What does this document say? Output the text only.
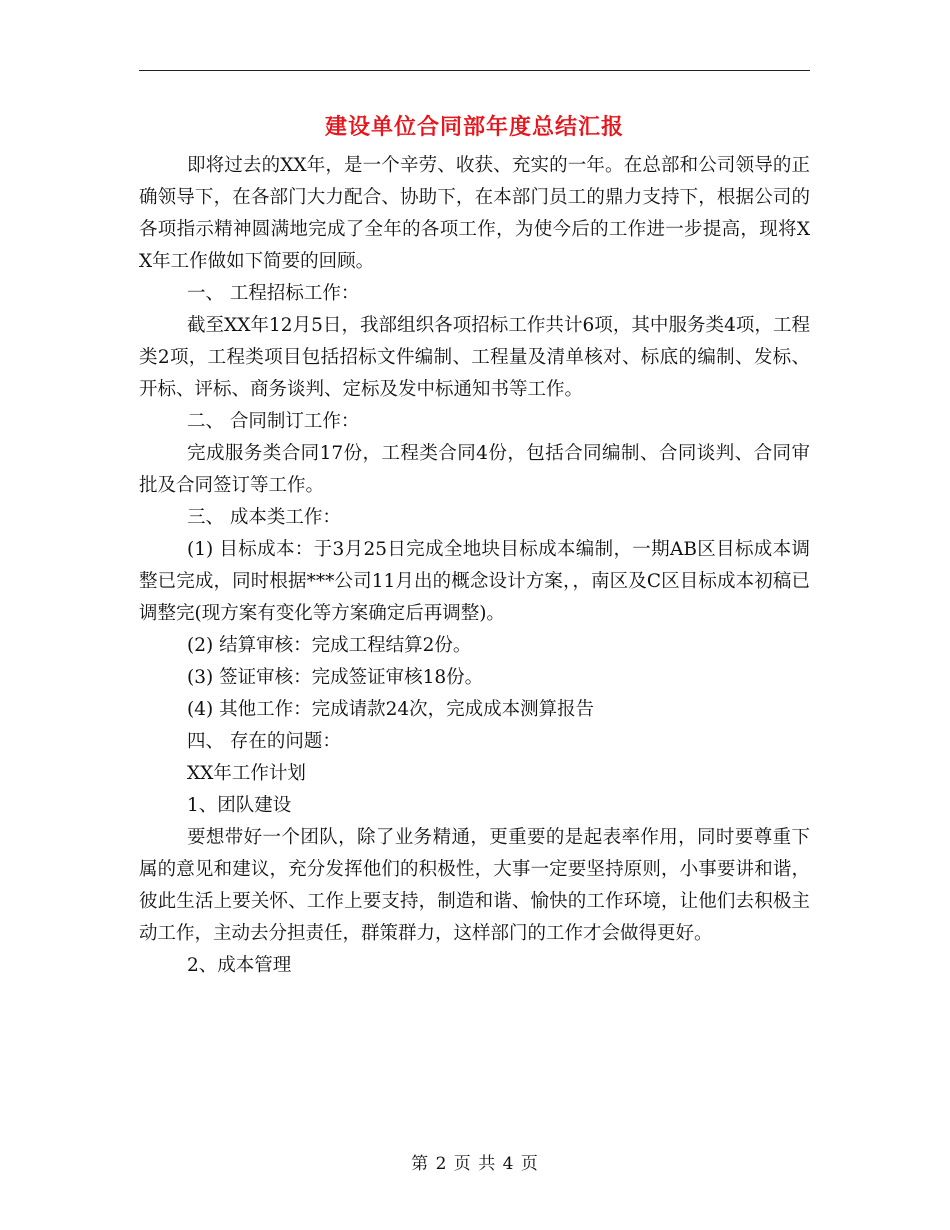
建设单位合同部年度总结汇报

即将过去的XX年，是一个辛劳、收获、充实的一年。在总部和公司领导的正确领导下，在各部门大力配合、协助下，在本部门员工的鼎力支持下，根据公司的各项指示精神圆满地完成了全年的各项工作，为使今后的工作进一步提高，现将XX年工作做如下简要的回顾。

一、 工程招标工作：

截至XX年12月5日，我部组织各项招标工作共计6项，其中服务类4项，工程类2项，工程类项目包括招标文件编制、工程量及清单核对、标底的编制、发标、开标、评标、商务谈判、定标及发中标通知书等工作。

二、 合同制订工作：

完成服务类合同17份，工程类合同4份，包括合同编制、合同谈判、合同审批及合同签订等工作。

三、 成本类工作：

(1) 目标成本：于3月25日完成全地块目标成本编制，一期AB区目标成本调整已完成，同时根据***公司11月出的概念设计方案，，南区及C区目标成本初稿已调整完(现方案有变化等方案确定后再调整)。

(2) 结算审核：完成工程结算2份。

(3) 签证审核：完成签证审核18份。

(4) 其他工作：完成请款24次，完成成本测算报告

四、 存在的问题：

XX年工作计划

1、团队建设

要想带好一个团队，除了业务精通，更重要的是起表率作用，同时要尊重下属的意见和建议，充分发挥他们的积极性，大事一定要坚持原则，小事要讲和谐，彼此生活上要关怀、工作上要支持，制造和谐、愉快的工作环境，让他们去积极主动工作，主动去分担责任，群策群力，这样部门的工作才会做得更好。

2、成本管理

第 2 页 共 4 页
